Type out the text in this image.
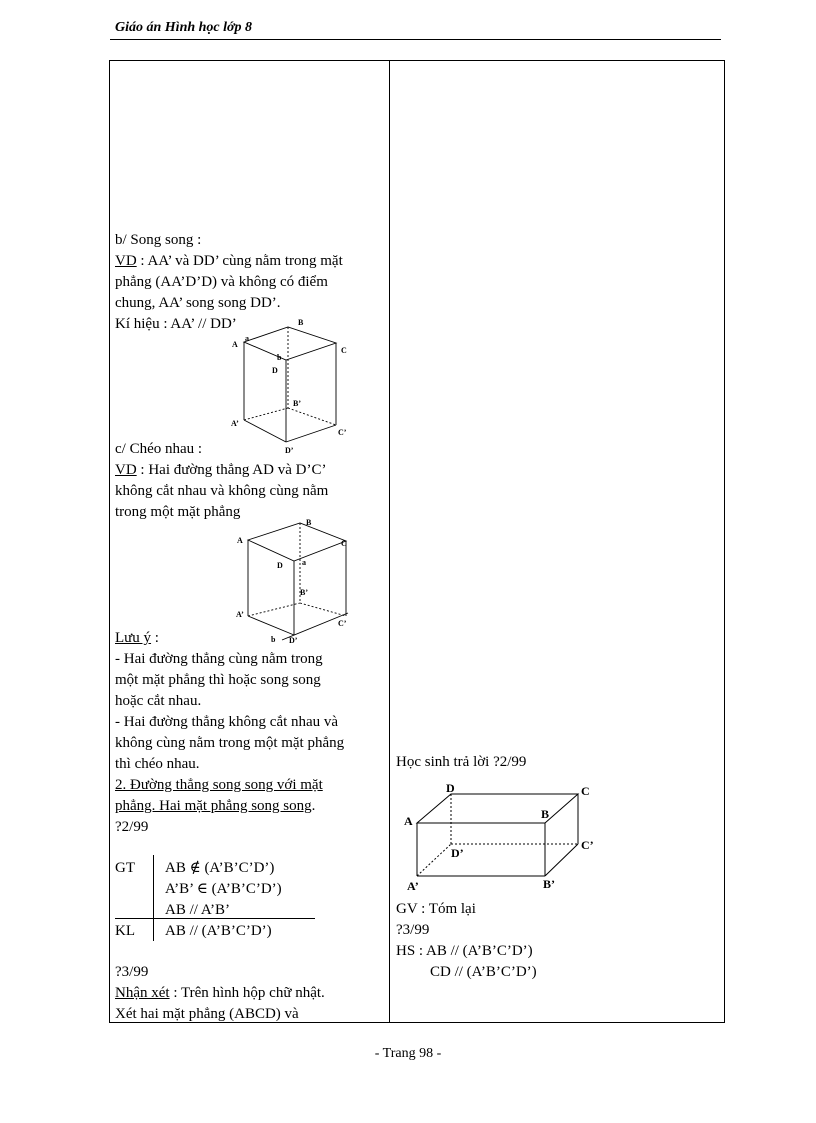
Giáo án Hình học lớp 8
b/ Song song :
VD : AA’ và DD’ cùng nằm trong mặt
phẳng (AA’D’D) và không có điểm
chung, AA’ song song DD’.
Kí hiệu : AA’ // DD’
A
a
B
C
b
D
B’
A’
C’
D’
c/ Chéo nhau :
VD : Hai đường thẳng AD và D’C’
không cắt nhau và không cùng nằm
trong một mặt phẳng
A
B
C
D a
B’
A’
C’
b D’
Lưu ý :
- Hai đường thẳng cùng nằm trong
một mặt phẳng thì hoặc song song
hoặc cắt nhau.
- Hai đường thẳng không cắt nhau và
không cùng nằm trong một mặt phẳng
thì chéo nhau.
2. Đường thẳng song song với mặt
phẳng. Hai mặt phẳng song song.
?2/99
GT AB ∉ (A’B’C’D’)
A’B’ ∈ (A’B’C’D’)
AB // A’B’
KL AB // (A’B’C’D’)
?3/99
Nhận xét : Trên hình hộp chữ nhật.
Xét hai mặt phẳng (ABCD) và
Học sinh trả lời ?2/99
D	C
A	B
D’
C’
A’	B’
GV : Tóm lại
?3/99
HS : AB // (A’B’C’D’)
CD // (A’B’C’D’)
- Trang 98 -
